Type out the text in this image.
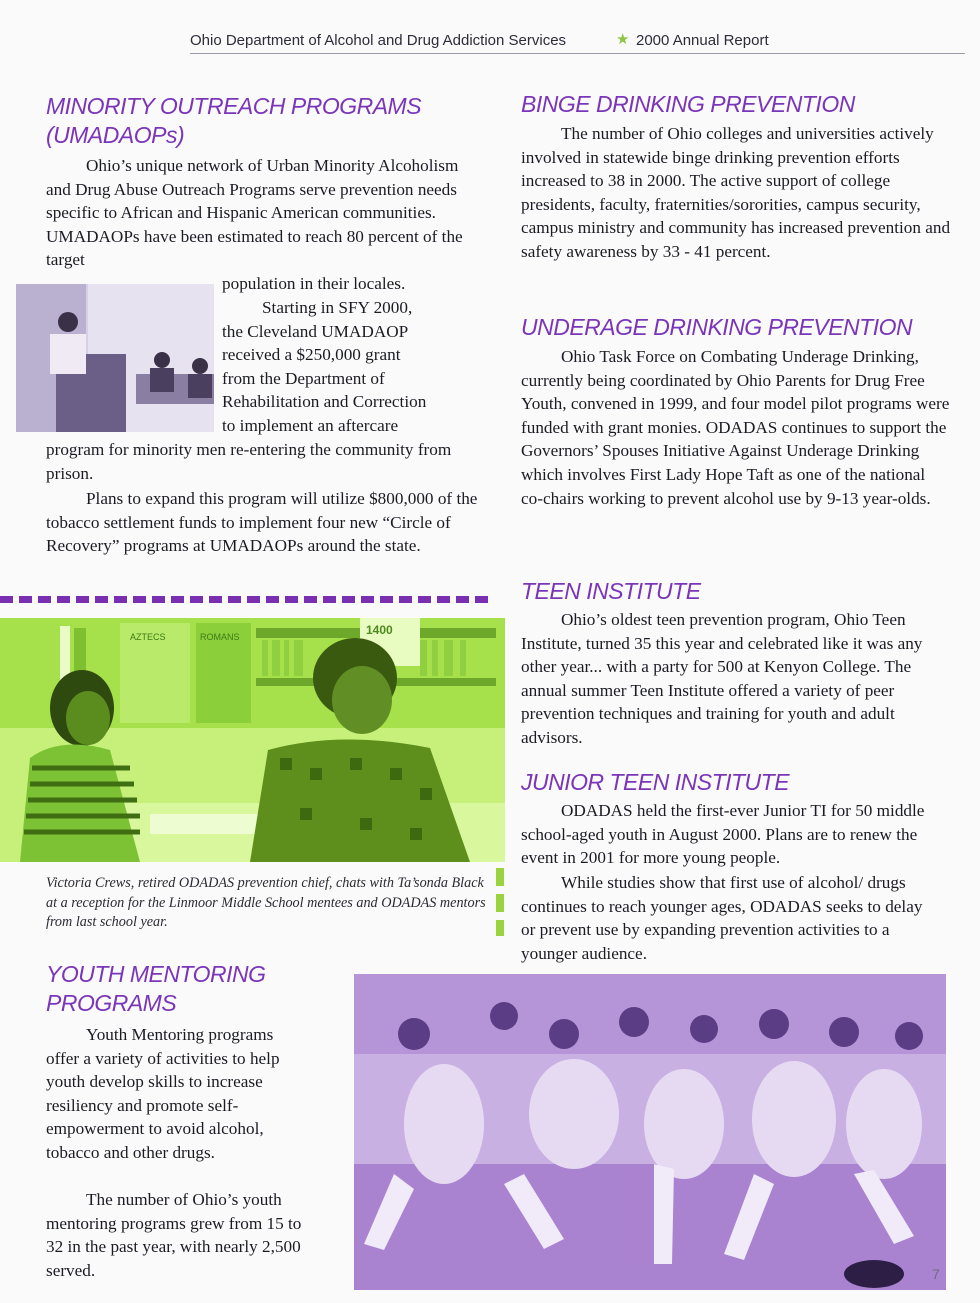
Ohio Department of Alcohol and Drug Addiction Services	★ 2000 Annual Report
MINORITY OUTREACH PROGRAMS
(UMADAOPs)

Ohio’s unique network of Urban Minority Alcoholism and Drug Abuse Outreach Programs serve prevention needs specific to African and Hispanic American communities. UMADAOPs have been estimated to reach 80 percent of the target

population in their locales.

Starting in SFY 2000,
the Cleveland UMADAOP
received a $250,000 grant
from the Department of
Rehabilitation and Correction
to implement an aftercare

program for minority men re-entering the community from prison.

Plans to expand this program will utilize $800,000 of the tobacco settlement funds to implement four new “Circle of Recovery” programs at UMADAOPs around the state.

1400
AZTECS	ROMANS

Victoria Crews, retired ODADAS prevention chief, chats with Ta’sonda Black at a reception for the Linmoor Middle School mentees and ODADAS mentors from last school year.

BINGE DRINKING PREVENTION

The number of Ohio colleges and universities actively involved in statewide binge drinking prevention efforts increased to 38 in 2000. The active support of college presidents, faculty, fraternities/sororities, campus security, campus ministry and community has increased prevention and safety awareness by 33 - 41 percent.

UNDERAGE DRINKING PREVENTION

Ohio Task Force on Combating Underage Drinking, currently being coordinated by Ohio Parents for Drug Free Youth, convened in 1999, and four model pilot programs were funded with grant monies. ODADAS continues to support the Governors’ Spouses Initiative Against Underage Drinking which involves First Lady Hope Taft as one of the national co-chairs working to prevent alcohol use by 9-13 year-olds.

TEEN INSTITUTE

Ohio’s oldest teen prevention program, Ohio Teen Institute, turned 35 this year and celebrated like it was any other year... with a party for 500 at Kenyon College. The annual summer Teen Institute offered a variety of peer prevention techniques and training for youth and adult advisors.

JUNIOR TEEN INSTITUTE

ODADAS held the first-ever Junior TI for 50 middle school-aged youth in August 2000. Plans are to renew the event in 2001 for more young people.

While studies show that first use of alcohol/ drugs continues to reach younger ages, ODADAS seeks to delay or prevent use by expanding prevention activities to a younger audience.

YOUTH MENTORING
PROGRAMS

Youth Mentoring programs offer a variety of activities to help youth develop skills to increase resiliency and promote self-empowerment to avoid alcohol, tobacco and other drugs.

The number of Ohio’s youth mentoring programs grew from 15 to 32 in the past year, with nearly 2,500 served.	7
